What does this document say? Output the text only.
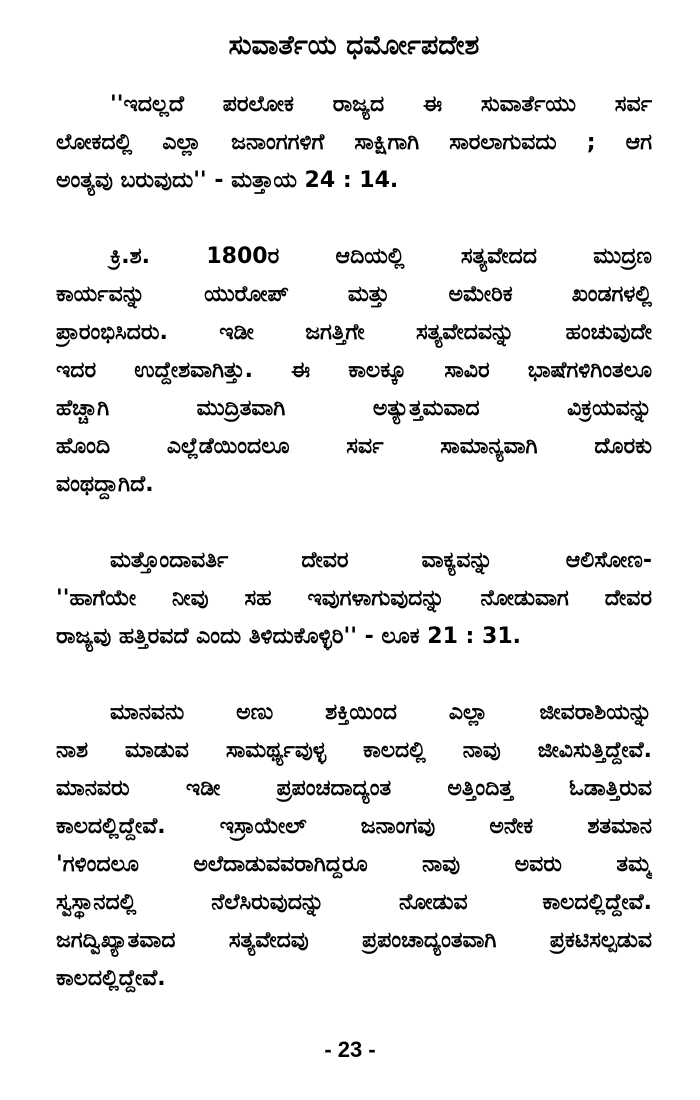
ಸುವಾರ್ತೆಯ ಧರ್ಮೋಪದೇಶ
''ಇದಲ್ಲದೆ ಪರಲೋಕ ರಾಜ್ಯದ ಈ ಸುವಾರ್ತೆಯು ಸರ್ವ
ಲೋಕದಲ್ಲಿ ಎಲ್ಲಾ ಜನಾಂಗಗಳಿಗೆ ಸಾಕ್ಷಿಗಾಗಿ ಸಾರಲಾಗುವದು ; ಆಗ
ಅಂತ್ಯವು ಬರುವುದು'' - ಮತ್ತಾಯ 24 : 14.
ಕ್ರಿ.ಶ. 1800ರ ಆದಿಯಲ್ಲಿ ಸತ್ಯವೇದದ ಮುದ್ರಣ
ಕಾರ್ಯವನ್ನು ಯುರೋಪ್ ಮತ್ತು ಅಮೇರಿಕ ಖಂಡಗಳಲ್ಲಿ
ಪ್ರಾರಂಭಿಸಿದರು. ಇಡೀ ಜಗತ್ತಿಗೇ ಸತ್ಯವೇದವನ್ನು ಹಂಚುವುದೇ
ಇದರ ಉದ್ದೇಶವಾಗಿತ್ತು. ಈ ಕಾಲಕ್ಕೂ ಸಾವಿರ ಭಾಷೆಗಳಿಗಿಂತಲೂ
ಹೆಚ್ಚಾಗಿ ಮುದ್ರಿತವಾಗಿ ಅತ್ಯುತ್ತಮವಾದ ವಿಕ್ರಯವನ್ನು
ಹೊಂದಿ ಎಲ್ಲೆಡೆಯಿಂದಲೂ ಸರ್ವ ಸಾಮಾನ್ಯವಾಗಿ ದೊರಕು
ವಂಥದ್ದಾಗಿದೆ.
ಮತ್ತೊಂದಾವರ್ತಿ ದೇವರ ವಾಕ್ಯವನ್ನು ಆಲಿಸೋಣ-
''ಹಾಗೆಯೇ ನೀವು ಸಹ ಇವುಗಳಾಗುವುದನ್ನು ನೋಡುವಾಗ ದೇವರ
ರಾಜ್ಯವು ಹತ್ತಿರವದೆ ಎಂದು ತಿಳಿದುಕೊಳ್ಳಿರಿ'' - ಲೂಕ 21 : 31.
ಮಾನವನು ಅಣು ಶಕ್ತಿಯಿಂದ ಎಲ್ಲಾ ಜೀವರಾಶಿಯನ್ನು
ನಾಶ ಮಾಡುವ ಸಾಮರ್ಥ್ಯವುಳ್ಳ ಕಾಲದಲ್ಲಿ ನಾವು ಜೀವಿಸುತ್ತಿದ್ದೇವೆ.
ಮಾನವರು ಇಡೀ ಪ್ರಪಂಚದಾದ್ಯಂತ ಅತ್ತಿಂದಿತ್ತ ಓಡಾತ್ತಿರುವ
ಕಾಲದಲ್ಲಿದ್ದೇವೆ. ಇಸ್ರಾಯೇಲ್ ಜನಾಂಗವು ಅನೇಕ ಶತಮಾನ
'ಗಳಿಂದಲೂ ಅಲೆದಾಡುವವರಾಗಿದ್ದರೂ ನಾವು ಅವರು ತಮ್ಮ
ಸ್ವಸ್ಥಾನದಲ್ಲಿ ನೆಲೆಸಿರುವುದನ್ನು ನೋಡುವ ಕಾಲದಲ್ಲಿದ್ದೇವೆ.
ಜಗದ್ವಿಖ್ಯಾತವಾದ ಸತ್ಯವೇದವು ಪ್ರಪಂಚಾದ್ಯಂತವಾಗಿ ಪ್ರಕಟಿಸಲ್ಪಡುವ
ಕಾಲದಲ್ಲಿದ್ದೇವೆ.
- 23 -
